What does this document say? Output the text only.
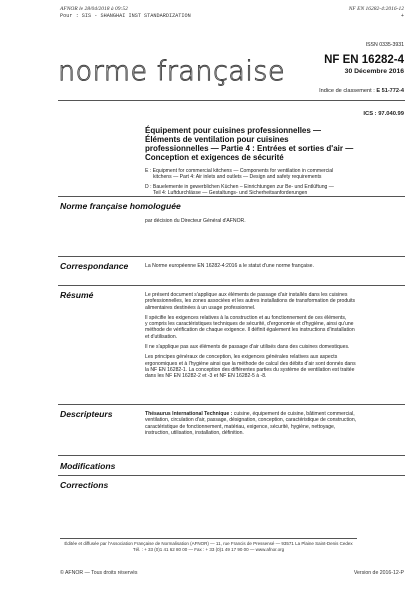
AFNOR le 28/04/2018 à 09:52
Pour : SIS - SHANGHAI INST STANDARDIZATION
NF EN 16282-4:2016-12
+
ISSN 0335-3931
norme française	NF EN 16282-4
30 Décembre 2016
Indice de classement : E 51-772-4
ICS : 97.040.99
Équipement pour cuisines professionnelles —
Éléments de ventilation pour cuisines
professionnelles — Partie 4 : Entrées et sorties d'air —
Conception et exigences de sécurité
E : Equipment for commercial kitchens — Components for ventilation in commercial
kitchens — Part 4: Air inlets and outlets — Design and safety requirements
D : Bauelemente in gewerblichen Küchen – Einrichtungen zur Be- und Entlüftung —
Teil 4: Luftdurchlässe — Gestaltungs- und Sicherheitsanforderungen
Norme française homologuée
par décision du Directeur Général d'AFNOR.
Correspondance	La Norme européenne EN 16282-4:2016 a le statut d'une norme française.
Résumé	Le présent document s'applique aux éléments de passage d'air installés dans les cuisines
professionnelles, les zones associées et les autres installations de transformation de produits
alimentaires destinées à un usage professionnel.
Il spécifie les exigences relatives à la construction et au fonctionnement de ces éléments,
y compris les caractéristiques techniques de sécurité, d'ergonomie et d'hygiène, ainsi qu'une
méthode de vérification de chaque exigence. Il définit également les instructions d'installation
et d'utilisation.
Il ne s'applique pas aux éléments de passage d'air utilisés dans des cuisines domestiques.
Les principes généraux de conception, les exigences générales relatives aux aspects
ergonomiques et à l'hygiène ainsi que la méthode de calcul des débits d'air sont donnés dans
la NF EN 16282-1. La conception des différentes parties du système de ventilation est traitée
dans les NF EN 16282-2 et -3 et NF EN 16282-5 à -8.
Descripteurs	Thésaurus International Technique : cuisine, équipement de cuisine, bâtiment commercial,
ventilation, circulation d'air, passage, désignation, conception, caractéristique de construction,
caractéristique de fonctionnement, matériau, exigence, sécurité, hygiène, nettoyage,
instruction, utilisation, installation, définition.
Modifications
Corrections
Éditée et diffusée par l'Association Française de Normalisation (AFNOR) — 11, rue Francis de Pressensé — 93571 La Plaine Saint-Denis Cedex
Tél. : + 33 (0)1 41 62 80 00 — Fax : + 33 (0)1 49 17 90 00 — www.afnor.org
© AFNOR — Tous droits réservés	Version de 2016-12-P
